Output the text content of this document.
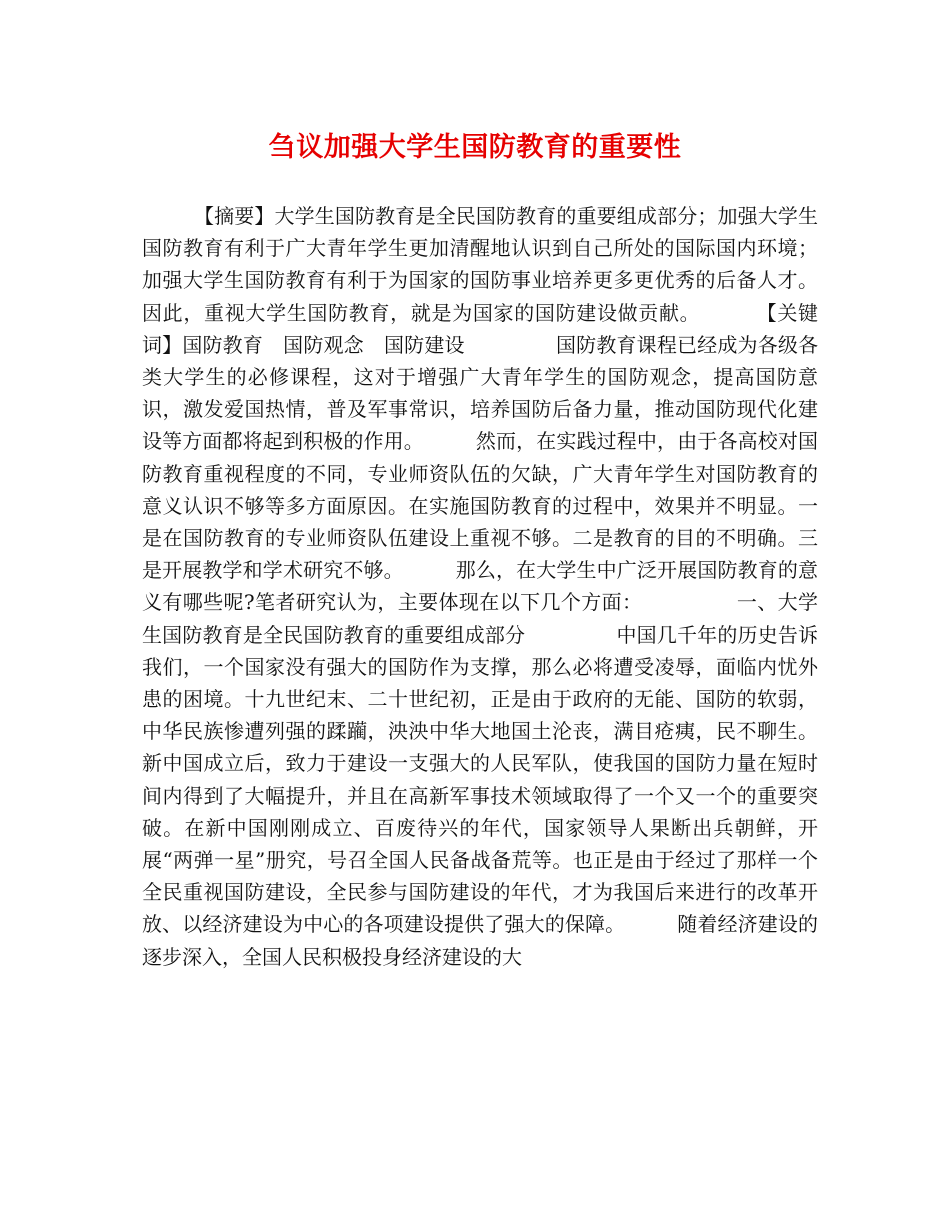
刍议加强大学生国防教育的重要性

【摘要】大学生国防教育是全民国防教育的重要组成部分；加强大学生国防教育有利于广大青年学生更加清醒地认识到自己所处的国际国内环境；加强大学生国防教育有利于为国家的国防事业培养更多更优秀的后备人才。因此，重视大学生国防教育，就是为国家的国防建设做贡献。        【关键词】国防教育　国防观念　国防建设              国防教育课程已经成为各级各类大学生的必修课程，这对于增强广大青年学生的国防观念，提高国防意识，激发爱国热情，普及军事常识，培养国防后备力量，推动国防现代化建设等方面都将起到积极的作用。        然而，在实践过程中，由于各高校对国防教育重视程度的不同，专业师资队伍的欠缺，广大青年学生对国防教育的意义认识不够等多方面原因。在实施国防教育的过程中，效果并不明显。一是在国防教育的专业师资队伍建设上重视不够。二是教育的目的不明确。三是开展教学和学术研究不够。        那么，在大学生中广泛开展国防教育的意义有哪些呢?笔者研究认为，主要体现在以下几个方面：              一、大学生国防教育是全民国防教育的重要组成部分              中国几千年的历史告诉我们，一个国家没有强大的国防作为支撑，那么必将遭受凌辱，面临内忧外患的困境。十九世纪末、二十世纪初，正是由于政府的无能、国防的软弱，中华民族惨遭列强的蹂躏，泱泱中华大地国土沦丧，满目疮痍，民不聊生。新中国成立后，致力于建设一支强大的人民军队，使我国的国防力量在短时间内得到了大幅提升，并且在高新军事技术领域取得了一个又一个的重要突破。在新中国刚刚成立、百废待兴的年代，国家领导人果断出兵朝鲜，开展“两弹一星”册究，号召全国人民备战备荒等。也正是由于经过了那样一个全民重视国防建设，全民参与国防建设的年代，才为我国后来进行的改革开放、以经济建设为中心的各项建设提供了强大的保障。        随着经济建设的逐步深入，全国人民积极投身经济建设的大
